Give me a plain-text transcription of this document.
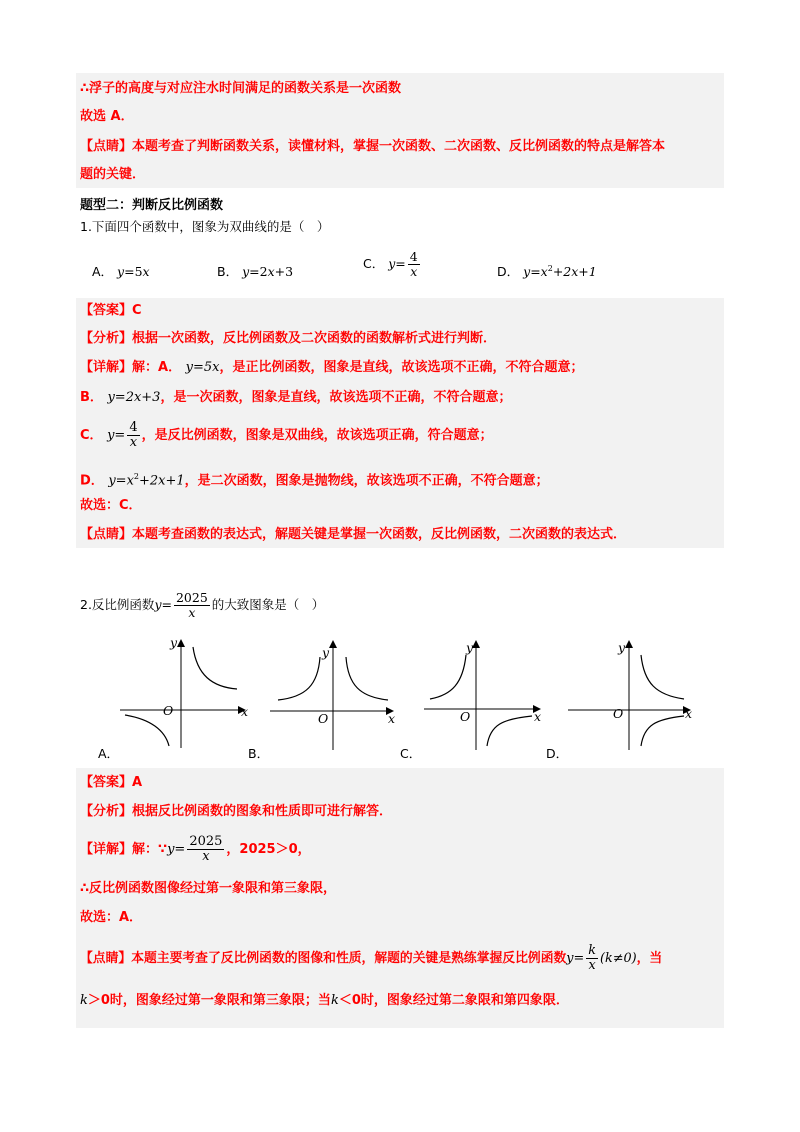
∴浮子的高度与对应注水时间满足的函数关系是一次函数
故选 A．
【点睛】本题考查了判断函数关系，读懂材料，掌握一次函数、二次函数、反比例函数的特点是解答本
题的关键．
题型二：判断反比例函数
1.下面四个函数中，图象为双曲线的是（　）
A． y=5x	B． y=2x+3
C． $y= \frac{4}{x}$	D． $y=x^2+2x+1$
【答案】C
【分析】根据一次函数，反比例函数及二次函数的函数解析式进行判断．
【详解】解：A． y=5x，是正比例函数，图象是直线，故该选项不正确，不符合题意；
B． y=2x+3，是一次函数，图象是直线，故该选项不正确，不符合题意；
C． $y= \frac{4}{x}$ ，是反比例函数，图象是双曲线，故该选项正确，符合题意；
D． $y=x^2+2x+1$，是二次函数，图象是抛物线，故该选项不正确，不符合题意；
故选：C．
【点睛】本题考查函数的表达式，解题关键是掌握一次函数，反比例函数，二次函数的表达式．
2.反比例函数$y= \frac{2025}{x}$ 的大致图象是（　）
y
x
O
y
x
O
y
x
O
y
x
O
A．	B．	C．	D．
【答案】A
【分析】根据反比例函数的图象和性质即可进行解答．
【详解】解：∵y= $\frac{2025}{x}$ ，2025＞0，
∴反比例函数图像经过第一象限和第三象限，
故选：A．
【点睛】本题主要考查了反比例函数的图像和性质，解题的关键是熟练掌握反比例函数$y= \frac{k}{x} (k\ne 0)$，当
k＞0时，图象经过第一象限和第三象限；当k＜0时，图象经过第二象限和第四象限．
